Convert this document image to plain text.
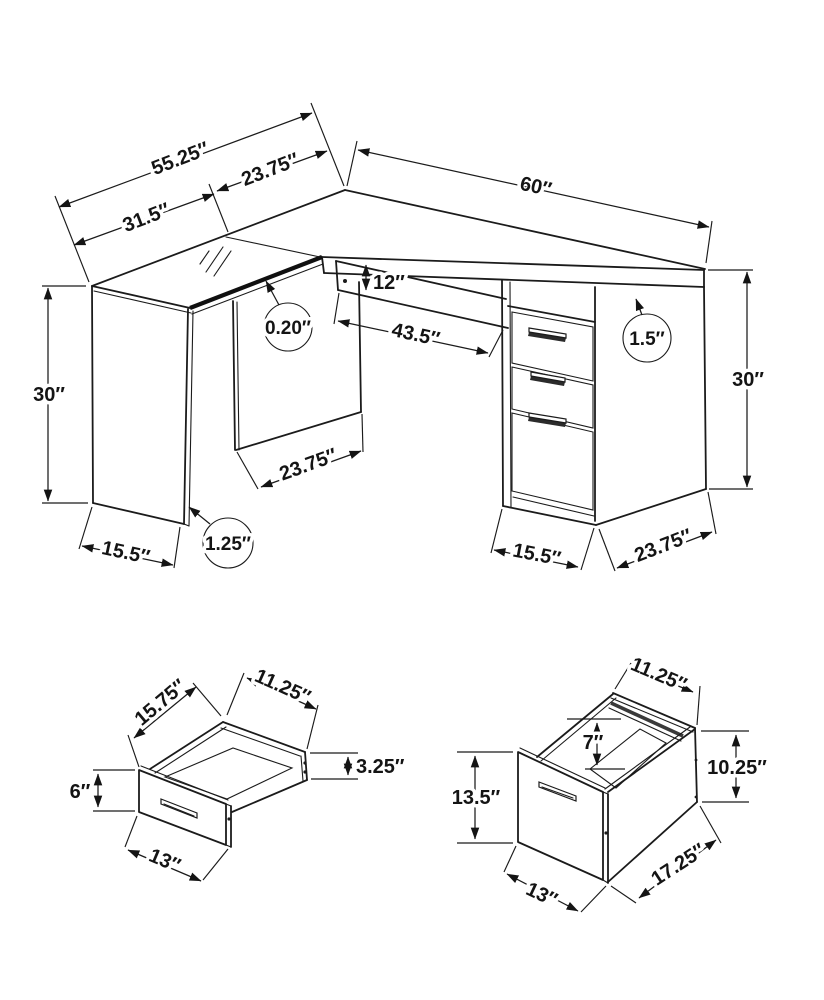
55.25″
31.5″
23.75″	60″
12″
43.5″
30″
30″
23.75″
15.5″	15.5″	23.75″
0.20″
1.5″
1.25″
15.75″	11.25″
6″
3.25″
13″
11.25″
7″
13.5″
10.25″
17.25″
13″
